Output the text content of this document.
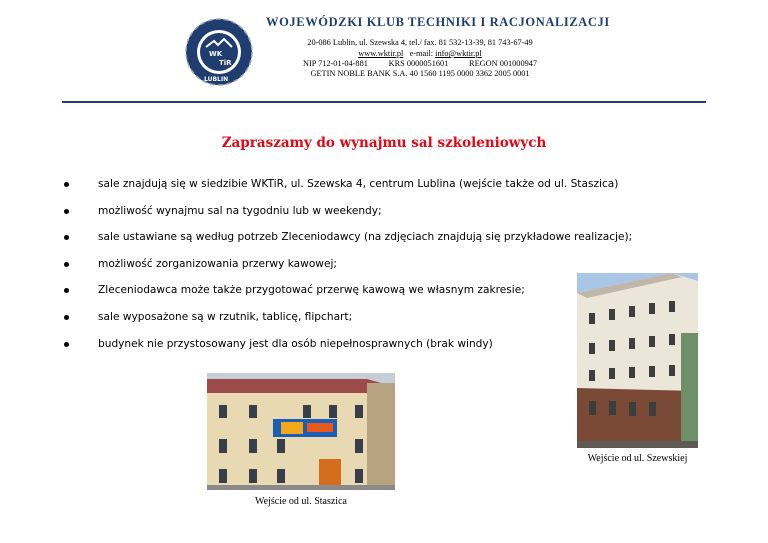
WK
TiR
LUBLIN
WOJEWÓDZKI KLUB TECHNIKI I RACJONALIZACJI
20-086 Lublin, ul. Szewska 4, tel./ fax. 81 532-13-39, 81 743-67-49
www.wktir.pl e-mail: info@wktir.pl
NIP 712-01-04-881          KRS 0000051601          REGON 001000947
GETIN NOBLE BANK S.A. 40 1560 1195 0000 3362 2005 0001
Zapraszamy do wynajmu sal szkoleniowych
sale znajdują się w siedzibie WKTiR, ul. Szewska 4, centrum Lublina (wejście także od ul. Staszica)
możliwość wynajmu sal na tygodniu lub w weekendy;
sale ustawiane są według potrzeb Zleceniodawcy (na zdjęciach znajdują się przykładowe realizacje);
możliwość zorganizowania przerwy kawowej;
Zleceniodawca może także przygotować przerwę kawową we własnym zakresie;
sale wyposażone są w rzutnik, tablicę, flipchart;
budynek nie przystosowany jest dla osób niepełnosprawnych (brak windy)
Wejście od ul. Szewskiej
Wejście od ul. Staszica
